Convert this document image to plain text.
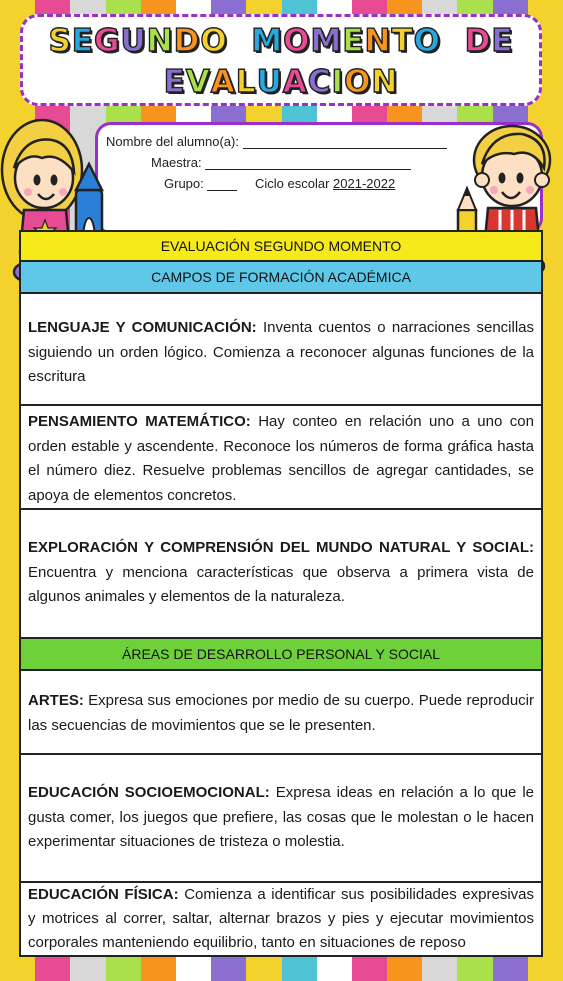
SEGUNDO MOMENTO DE
EVALUACION
Nombre del alumno(a):
Maestra:
Grupo:	Ciclo escolar 2021-2022
EVALUACIÓN SEGUNDO MOMENTO
CAMPOS DE FORMACIÓN ACADÉMICA
LENGUAJE Y COMUNICACIÓN: Inventa cuentos o narraciones sencillas siguiendo un orden lógico. Comienza a reconocer algunas funciones de la escritura
PENSAMIENTO MATEMÁTICO: Hay conteo en relación uno a uno con orden estable y ascendente. Reconoce los números de forma gráfica hasta el número diez. Resuelve problemas sencillos de agregar cantidades, se apoya de elementos concretos.
EXPLORACIÓN Y COMPRENSIÓN DEL MUNDO NATURAL Y SOCIAL: Encuentra y menciona características que observa a primera vista de algunos animales y elementos de la naturaleza.
ÁREAS DE DESARROLLO PERSONAL Y SOCIAL
ARTES: Expresa sus emociones por medio de su cuerpo. Puede reproducir las secuencias de movimientos que se le presenten.
EDUCACIÓN SOCIOEMOCIONAL: Expresa ideas en relación a lo que le gusta comer, los juegos que prefiere, las cosas que le molestan o le hacen experimentar situaciones de tristeza o molestia.
EDUCACIÓN FÍSICA: Comienza a identificar sus posibilidades expresivas y motrices al correr, saltar, alternar brazos y pies y ejecutar movimientos corporales manteniendo equilibrio, tanto en situaciones de reposo
